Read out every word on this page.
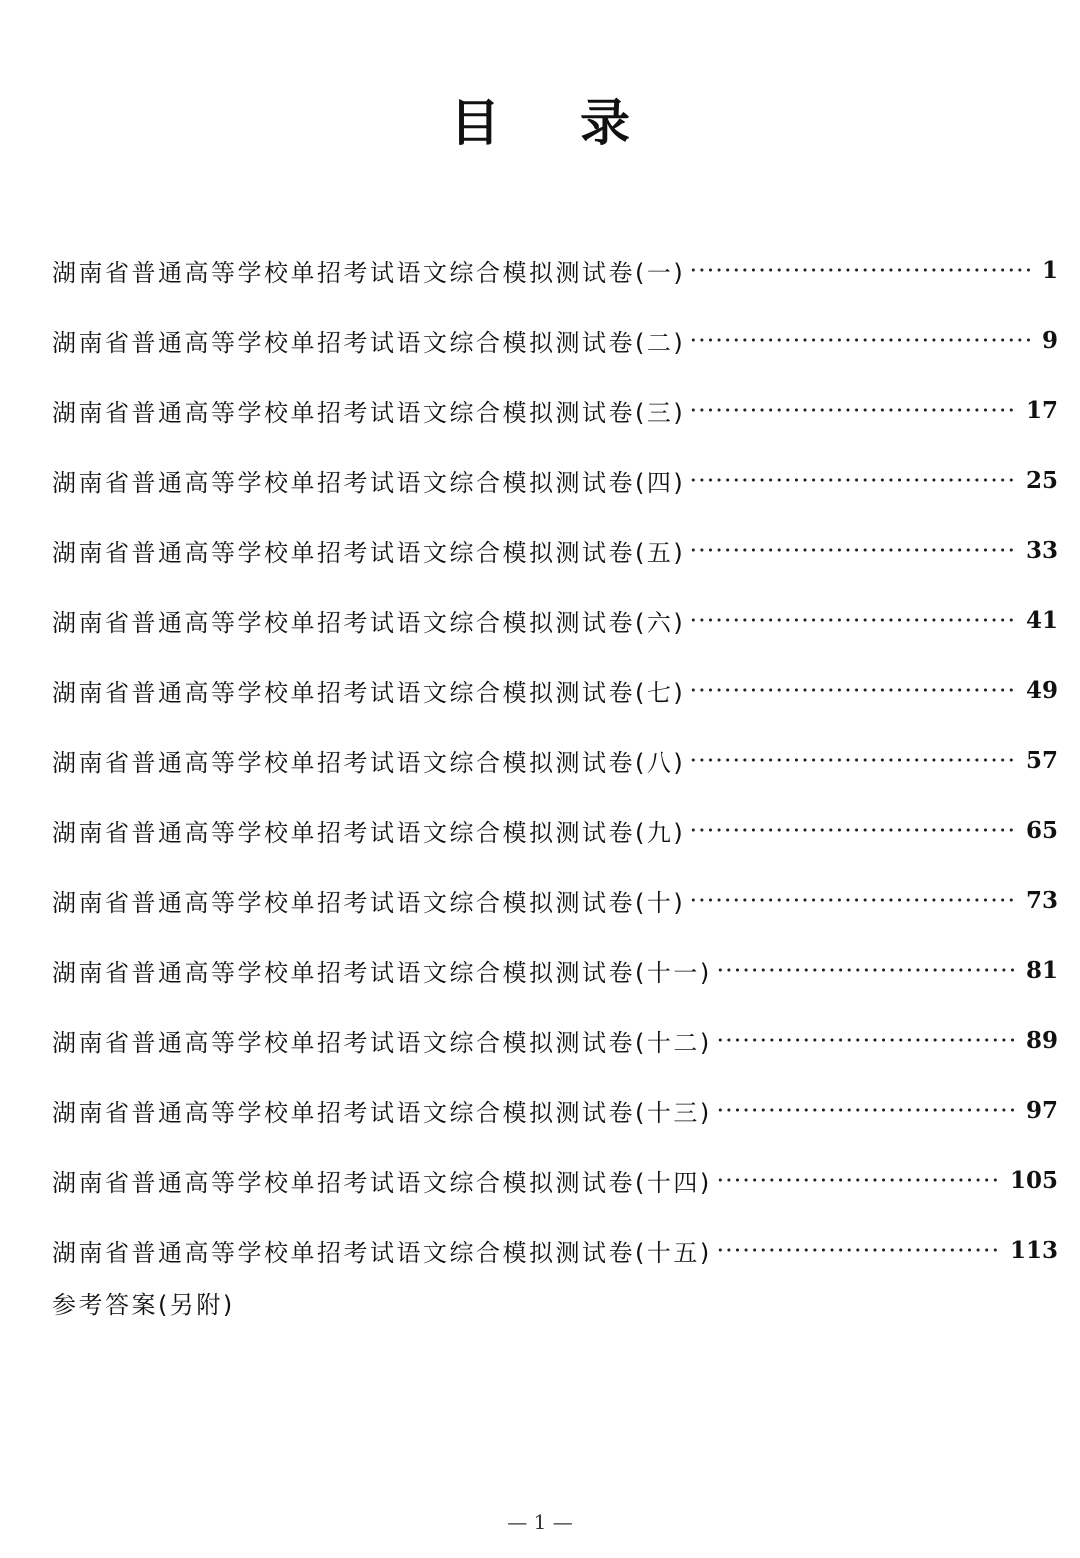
目 录
湖南省普通高等学校单招考试语文综合模拟测试卷(一)	1
湖南省普通高等学校单招考试语文综合模拟测试卷(二)	9
湖南省普通高等学校单招考试语文综合模拟测试卷(三)	17
湖南省普通高等学校单招考试语文综合模拟测试卷(四)	25
湖南省普通高等学校单招考试语文综合模拟测试卷(五)	33
湖南省普通高等学校单招考试语文综合模拟测试卷(六)	41
湖南省普通高等学校单招考试语文综合模拟测试卷(七)	49
湖南省普通高等学校单招考试语文综合模拟测试卷(八)	57
湖南省普通高等学校单招考试语文综合模拟测试卷(九)	65
湖南省普通高等学校单招考试语文综合模拟测试卷(十)	73
湖南省普通高等学校单招考试语文综合模拟测试卷(十一)	81
湖南省普通高等学校单招考试语文综合模拟测试卷(十二)	89
湖南省普通高等学校单招考试语文综合模拟测试卷(十三)	97
湖南省普通高等学校单招考试语文综合模拟测试卷(十四)	105
湖南省普通高等学校单招考试语文综合模拟测试卷(十五)	113
参考答案(另附)
— 1 —
